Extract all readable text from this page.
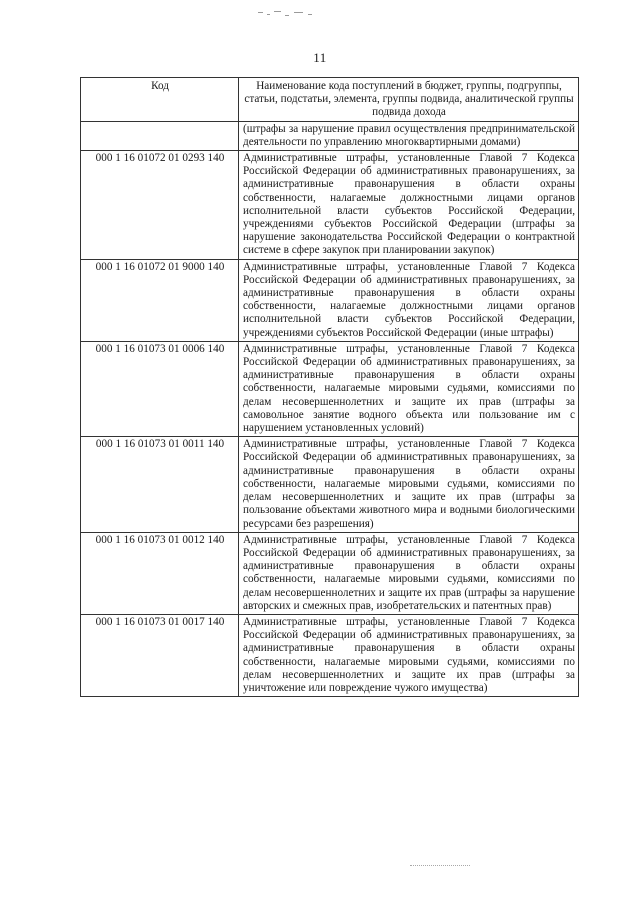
11
Код	Наименование кода поступлений в бюджет, группы, подгруппы, статьи, подстатьи, элемента, группы подвида, аналитической группы подвида дохода
	(штрафы за нарушение правил осуществления предпринимательской деятельности по управлению многоквартирными домами)
000 1 16 01072 01 0293 140	Административные штрафы, установленные Главой 7 Кодекса Российской Федерации об административных правонарушениях, за административные правонарушения в области охраны собственности, налагаемые должностными лицами органов исполнительной власти субъектов Российской Федерации, учреждениями субъектов Российской Федерации (штрафы за нарушение законодательства Российской Федерации о контрактной системе в сфере закупок при планировании закупок)
000 1 16 01072 01 9000 140	Административные штрафы, установленные Главой 7 Кодекса Российской Федерации об административных правонарушениях, за административные правонарушения в области охраны собственности, налагаемые должностными лицами органов исполнительной власти субъектов Российской Федерации, учреждениями субъектов Российской Федерации (иные штрафы)
000 1 16 01073 01 0006 140	Административные штрафы, установленные Главой 7 Кодекса Российской Федерации об административных правонарушениях, за административные правонарушения в области охраны собственности, налагаемые мировыми судьями, комиссиями по делам несовершеннолетних и защите их прав (штрафы за самовольное занятие водного объекта или пользование им с нарушением установленных условий)
000 1 16 01073 01 0011 140	Административные штрафы, установленные Главой 7 Кодекса Российской Федерации об административных правонарушениях, за административные правонарушения в области охраны собственности, налагаемые мировыми судьями, комиссиями по делам несовершеннолетних и защите их прав (штрафы за пользование объектами животного мира и водными биологическими ресурсами без разрешения)
000 1 16 01073 01 0012 140	Административные штрафы, установленные Главой 7 Кодекса Российской Федерации об административных правонарушениях, за административные правонарушения в области охраны собственности, налагаемые мировыми судьями, комиссиями по делам несовершеннолетних и защите их прав (штрафы за нарушение авторских и смежных прав, изобретательских и патентных прав)
000 1 16 01073 01 0017 140	Административные штрафы, установленные Главой 7 Кодекса Российской Федерации об административных правонарушениях, за административные правонарушения в области охраны собственности, налагаемые мировыми судьями, комиссиями по делам несовершеннолетних и защите их прав (штрафы за уничтожение или повреждение чужого имущества)
